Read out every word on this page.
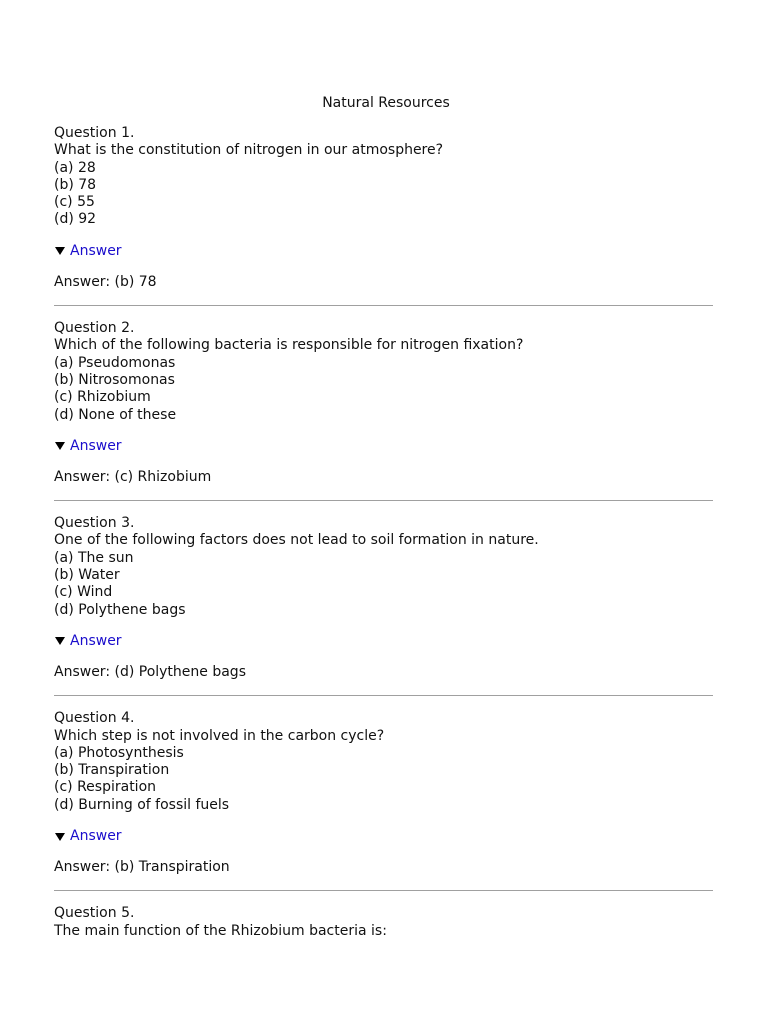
Natural Resources
Question 1.
What is the constitution of nitrogen in our atmosphere?
(a) 28
(b) 78
(c) 55
(d) 92
Answer
Answer: (b) 78
Question 2.
Which of the following bacteria is responsible for nitrogen fixation?
(a) Pseudomonas
(b) Nitrosomonas
(c) Rhizobium
(d) None of these
Answer
Answer: (c) Rhizobium
Question 3.
One of the following factors does not lead to soil formation in nature.
(a) The sun
(b) Water
(c) Wind
(d) Polythene bags
Answer
Answer: (d) Polythene bags
Question 4.
Which step is not involved in the carbon cycle?
(a) Photosynthesis
(b) Transpiration
(c) Respiration
(d) Burning of fossil fuels
Answer
Answer: (b) Transpiration
Question 5.
The main function of the Rhizobium bacteria is:
